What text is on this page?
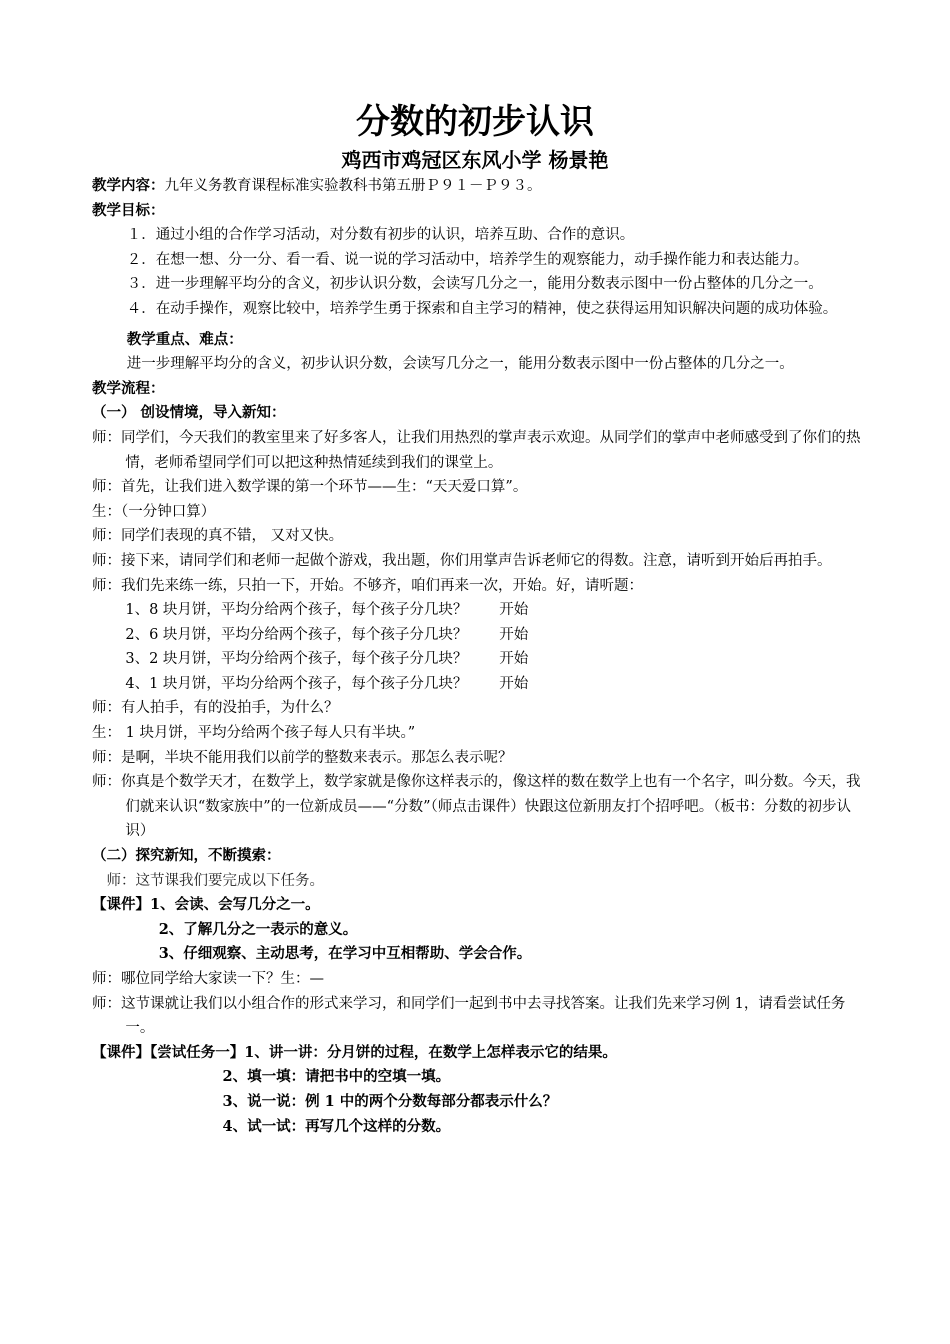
分数的初步认识
鸡西市鸡冠区东风小学 杨景艳

教学内容：九年义务教育课程标准实验教科书第五册Ｐ９１－Ｐ９３。

教学目标：

１．通过小组的合作学习活动，对分数有初步的认识，培养互助、合作的意识。

２．在想一想、分一分、看一看、说一说的学习活动中，培养学生的观察能力，动手操作能力和表达能力。

３．进一步理解平均分的含义，初步认识分数，会读写几分之一，能用分数表示图中一份占整体的几分之一。

４．在动手操作，观察比较中，培养学生勇于探索和自主学习的精神，使之获得运用知识解决问题的成功体验。

教学重点、难点：

进一步理解平均分的含义，初步认识分数，会读写几分之一，能用分数表示图中一份占整体的几分之一。

教学流程：

（一） 创设情境，导入新知：

师：同学们，今天我们的教室里来了好多客人，让我们用热烈的掌声表示欢迎。从同学们的掌声中老师感受到了你们的热情，老师希望同学们可以把这种热情延续到我们的课堂上。

师：首先，让我们进入数学课的第一个环节——生：“天天爱口算”。

生：（一分钟口算）

师：同学们表现的真不错， 又对又快。

师：接下来，请同学们和老师一起做个游戏，我出题，你们用掌声告诉老师它的得数。注意，请听到开始后再拍手。

师：我们先来练一练，只拍一下，开始。不够齐，咱们再来一次，开始。好，请听题：

1、8 块月饼，平均分给两个孩子，每个孩子分几块？ 开始

2、6 块月饼，平均分给两个孩子，每个孩子分几块？ 开始

3、2 块月饼，平均分给两个孩子，每个孩子分几块？ 开始

4、1 块月饼，平均分给两个孩子，每个孩子分几块？ 开始

师：有人拍手，有的没拍手，为什么？

生： 1 块月饼，平均分给两个孩子每人只有半块。”

师：是啊，半块不能用我们以前学的整数来表示。那怎么表示呢？

师：你真是个数学天才，在数学上，数学家就是像你这样表示的，像这样的数在数学上也有一个名字，叫分数。今天，我们就来认识“数家族中”的一位新成员——“分数”（师点击课件）快跟这位新朋友打个招呼吧。（板书：分数的初步认识）

（二）探究新知，不断摸索：

师：这节课我们要完成以下任务。

【课件】1、会读、会写几分之一。

2、了解几分之一表示的意义。

3、仔细观察、主动思考，在学习中互相帮助、学会合作。

师：哪位同学给大家读一下？生：—

师：这节课就让我们以小组合作的形式来学习，和同学们一起到书中去寻找答案。让我们先来学习例 1，请看尝试任务一。

【课件】【尝试任务一】1、讲一讲：分月饼的过程，在数学上怎样表示它的结果。

2、填一填：请把书中的空填一填。

3、说一说：例 1 中的两个分数每部分都表示什么？

4、试一试：再写几个这样的分数。
